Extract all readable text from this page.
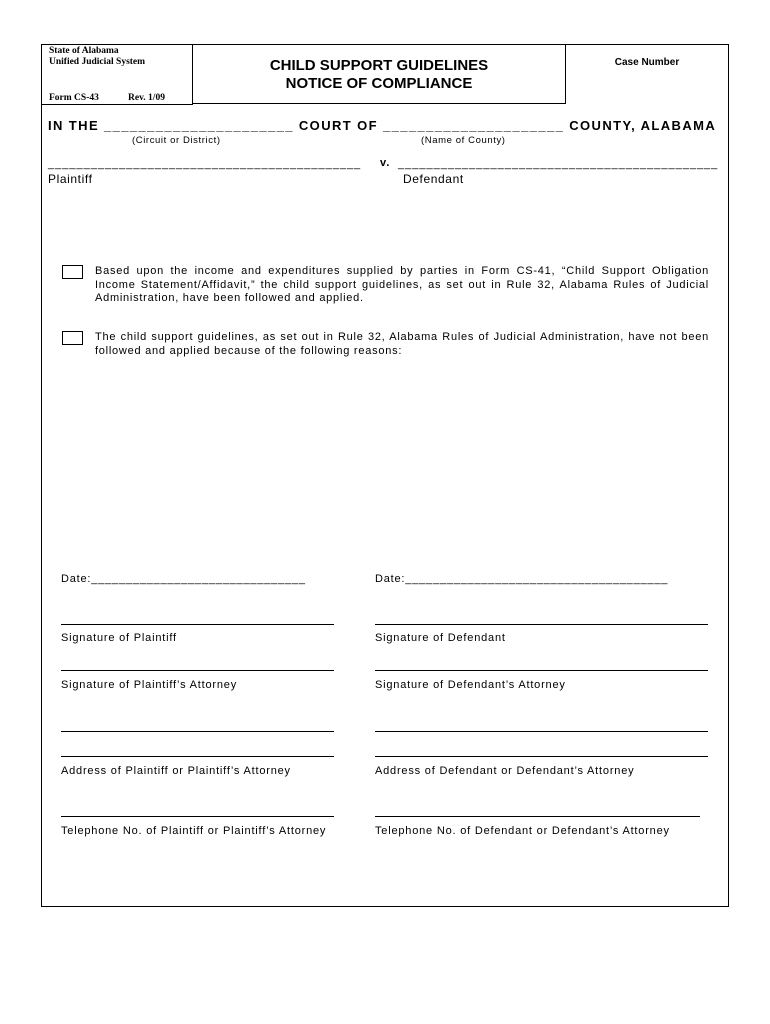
State of Alabama
Unified Judicial System
Form CS-43	Rev. 1/09
CHILD SUPPORT GUIDELINES
NOTICE OF COMPLIANCE
Case Number
IN THE ______________________ COURT OF _____________________ COUNTY, ALABAMA
(Circuit or District)	(Name of County)
____________________________________________ v. _____________________________________________
Plaintiff	Defendant
Based upon the income and expenditures supplied by parties in Form CS-41, “Child Support Obligation Income Statement/Affidavit,” the child support guidelines, as set out in Rule 32, Alabama Rules of Judicial Administration, have been followed and applied.
The child support guidelines, as set out in Rule 32, Alabama Rules of Judicial Administration, have not been followed and applied because of the following reasons:
Date:_______________________________	Date:______________________________________
Signature of Plaintiff	Signature of Defendant
Signature of Plaintiff’s Attorney	Signature of Defendant’s Attorney
Address of Plaintiff or Plaintiff’s Attorney	Address of Defendant or Defendant’s Attorney
Telephone No. of Plaintiff or Plaintiff’s Attorney	Telephone No. of Defendant or Defendant’s Attorney
